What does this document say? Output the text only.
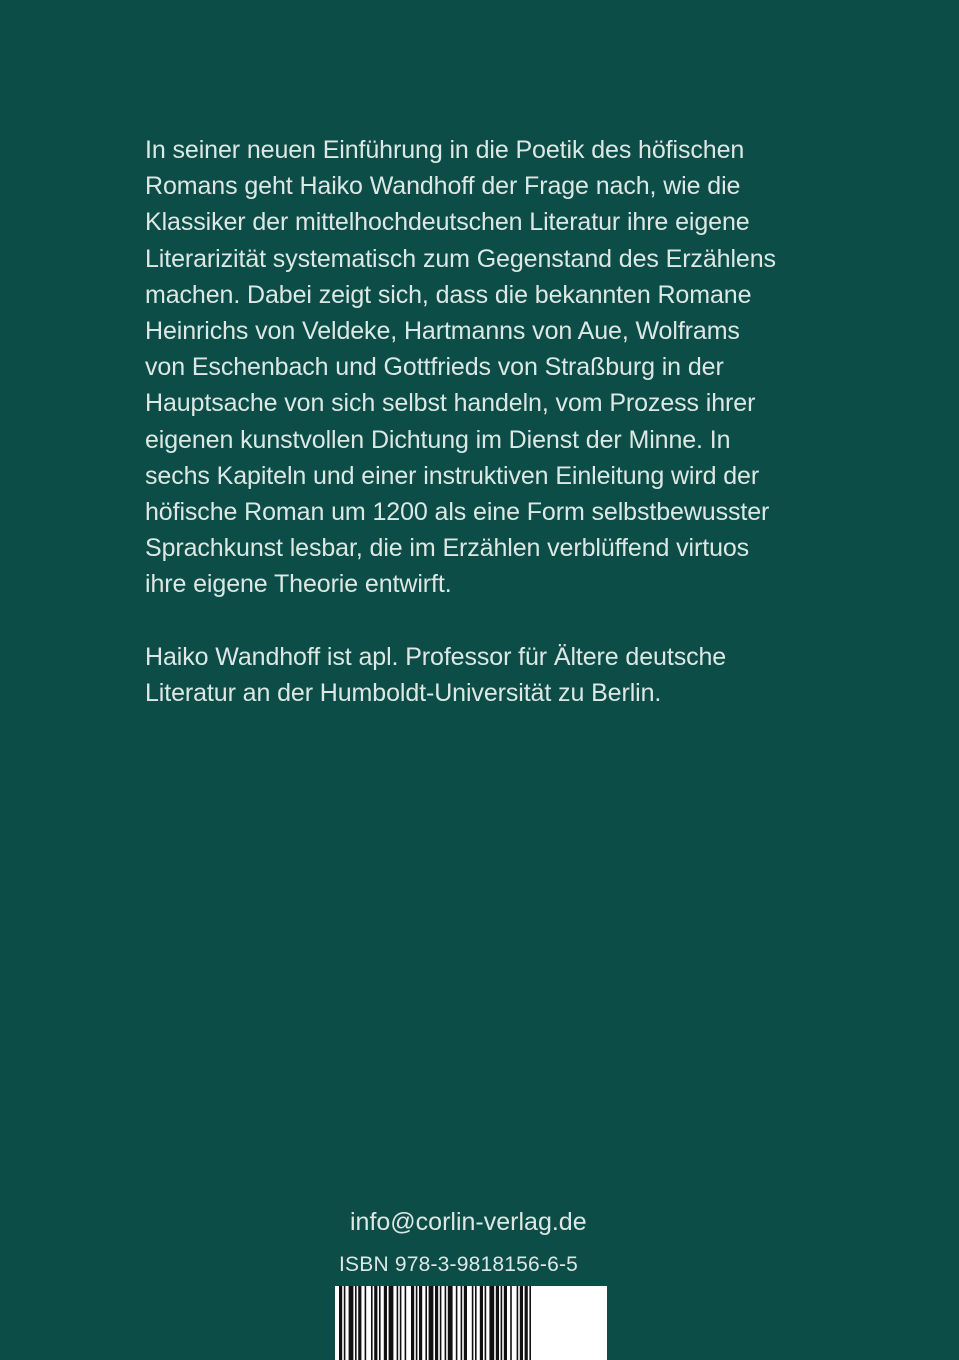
In seiner neuen Einführung in die Poetik des höfischen
Romans geht Haiko Wandhoff der Frage nach, wie die
Klassiker der mittelhochdeutschen Literatur ihre eigene
Literarizität systematisch zum Gegenstand des Erzählens
machen. Dabei zeigt sich, dass die bekannten Romane
Heinrichs von Veldeke, Hartmanns von Aue, Wolframs
von Eschenbach und Gottfrieds von Straßburg in der
Hauptsache von sich selbst handeln, vom Prozess ihrer
eigenen kunstvollen Dichtung im Dienst der Minne. In
sechs Kapiteln und einer instruktiven Einleitung wird der
höfische Roman um 1200 als eine Form selbstbewusster
Sprachkunst lesbar, die im Erzählen verblüffend virtuos
ihre eigene Theorie entwirft.
Haiko Wandhoff ist apl. Professor für Ältere deutsche
Literatur an der Humboldt-Universität zu Berlin.
info@corlin-verlag.de
ISBN 978-3-9818156-6-5
